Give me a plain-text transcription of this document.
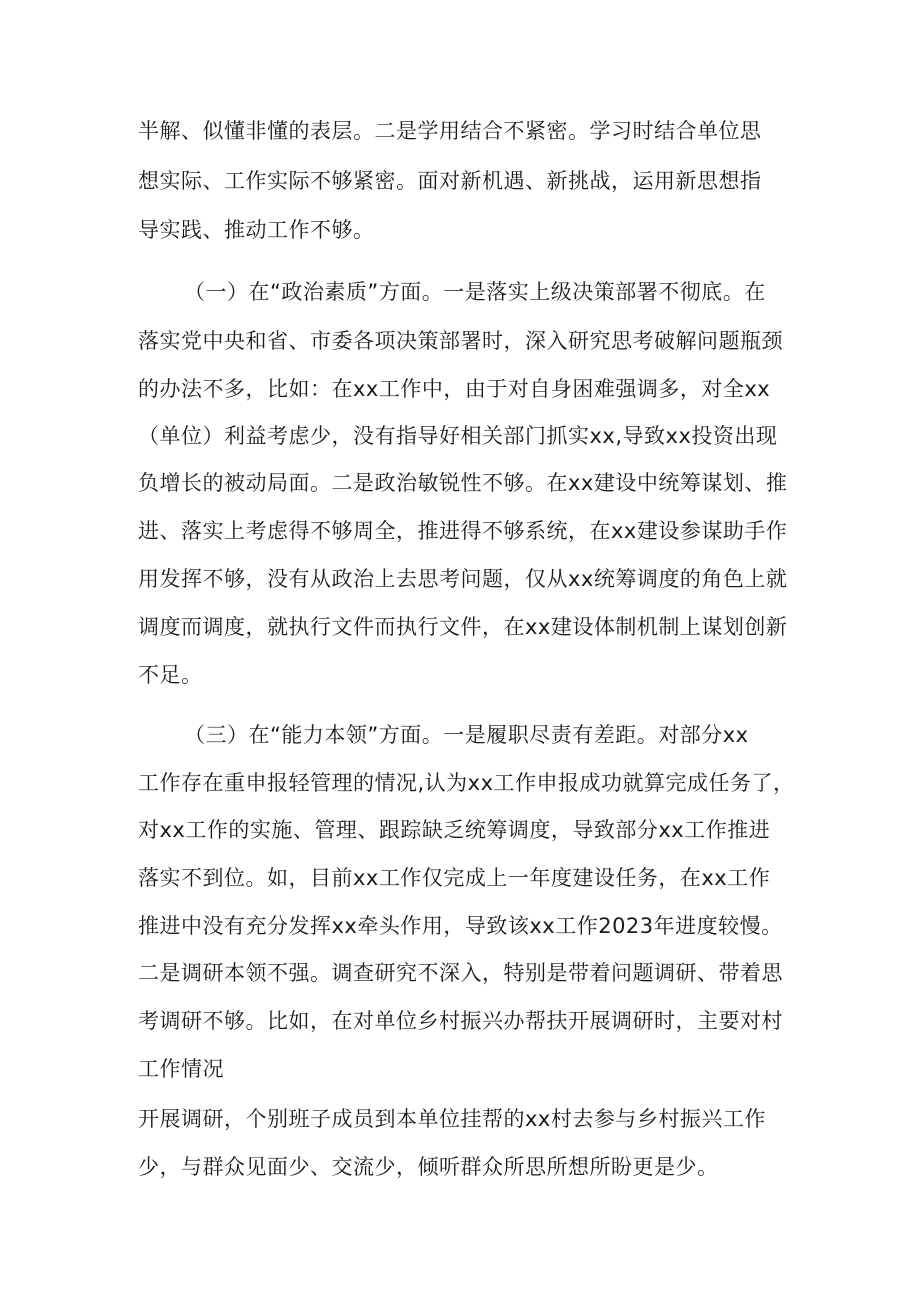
半解、似懂非懂的表层。二是学用结合不紧密。学习时结合单位思

想实际、工作实际不够紧密。面对新机遇、新挑战，运用新思想指

导实践、推动工作不够。

（一）在“政治素质”方面。一是落实上级决策部署不彻底。在

落实党中央和省、市委各项决策部署时，深入研究思考破解问题瓶颈

的办法不多，比如：在xx工作中，由于对自身困难强调多，对全xx

（单位）利益考虑少，没有指导好相关部门抓实xx,导致xx投资出现

负增长的被动局面。二是政治敏锐性不够。在xx建设中统筹谋划、推

进、落实上考虑得不够周全，推进得不够系统，在xx建设参谋助手作

用发挥不够，没有从政治上去思考问题，仅从xx统筹调度的角色上就

调度而调度，就执行文件而执行文件，在xx建设体制机制上谋划创新

不足。

（三）在“能力本领”方面。一是履职尽责有差距。对部分xx

工作存在重申报轻管理的情况,认为xx工作申报成功就算完成任务了，

对xx工作的实施、管理、跟踪缺乏统筹调度，导致部分xx工作推进

落实不到位。如，目前xx工作仅完成上一年度建设任务，在xx工作

推进中没有充分发挥xx牵头作用，导致该xx工作2023年进度较慢。

二是调研本领不强。调查研究不深入，特别是带着问题调研、带着思

考调研不够。比如，在对单位乡村振兴办帮扶开展调研时，主要对村

工作情况

开展调研，个别班子成员到本单位挂帮的xx村去参与乡村振兴工作

少，与群众见面少、交流少，倾听群众所思所想所盼更是少。
